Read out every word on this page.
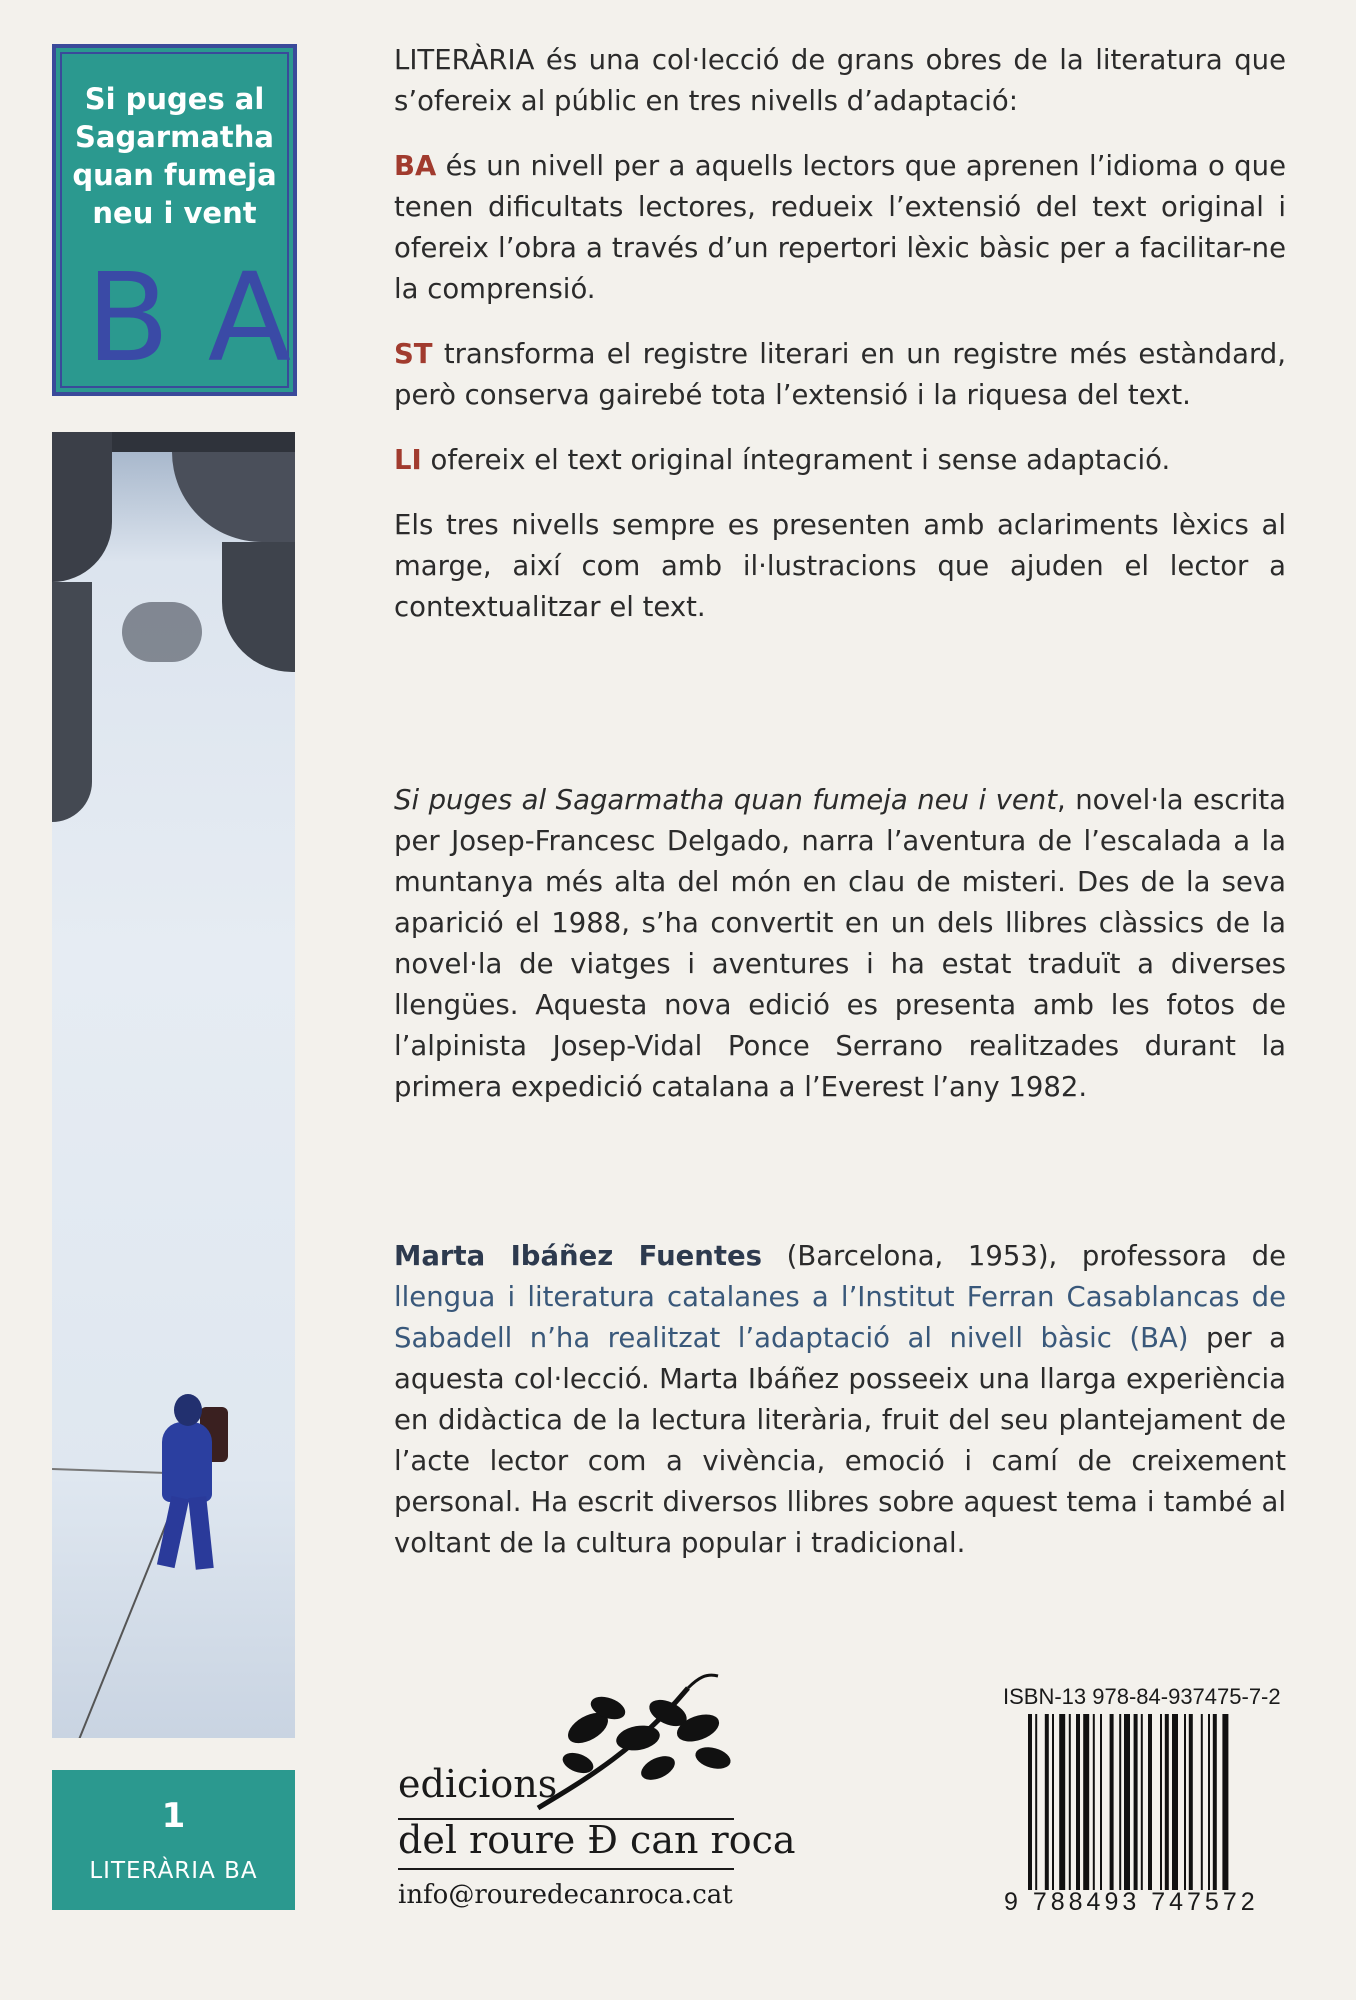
Si puges al
Sagarmatha
quan fumeja
neu i vent
BA
1
LITERÀRIA BA

LITERÀRIA és una col·lecció de grans obres de la literatura que s’ofereix al públic en tres nivells d’adaptació:

BA és un nivell per a aquells lectors que aprenen l’idioma o que tenen dificultats lectores, redueix l’extensió del text original i ofereix l’obra a través d’un repertori lèxic bàsic per a facilitar-ne la comprensió.

ST transforma el registre literari en un registre més estàndard, però conserva gairebé tota l’extensió i la riquesa del text.

LI ofereix el text original íntegrament i sense adaptació.

Els tres nivells sempre es presenten amb aclariments lèxics al marge, així com amb il·lustracions que ajuden el lector a contextualitzar el text.

Si puges al Sagarmatha quan fumeja neu i vent, novel·la escrita per Josep-Francesc Delgado, narra l’aventura de l’escalada a la muntanya més alta del món en clau de misteri. Des de la seva aparició el 1988, s’ha convertit en un dels llibres clàssics de la novel·la de viatges i aventures i ha estat traduït a diverses llengües. Aquesta nova edició es presenta amb les fotos de l’alpinista Josep-Vidal Ponce Serrano realitzades durant la primera expedició catalana a l’Everest l’any 1982.

Marta Ibáñez Fuentes (Barcelona, 1953), professora de llengua i literatura catalanes a l’Institut Ferran Casablancas de Sabadell n’ha realitzat l’adaptació al nivell bàsic (BA) per a aquesta col·lecció. Marta Ibáñez posseeix una llarga experiència en didàctica de la lectura literària, fruit del seu plantejament de l’acte lector com a vivència, emoció i camí de creixement personal. Ha escrit diversos llibres sobre aquest tema i també al voltant de la cultura popular i tradicional.

edicions
del roure Ð can roca
info@rouredecanroca.cat
ISBN-13 978-84-937475-7-2
9 788493 747572
